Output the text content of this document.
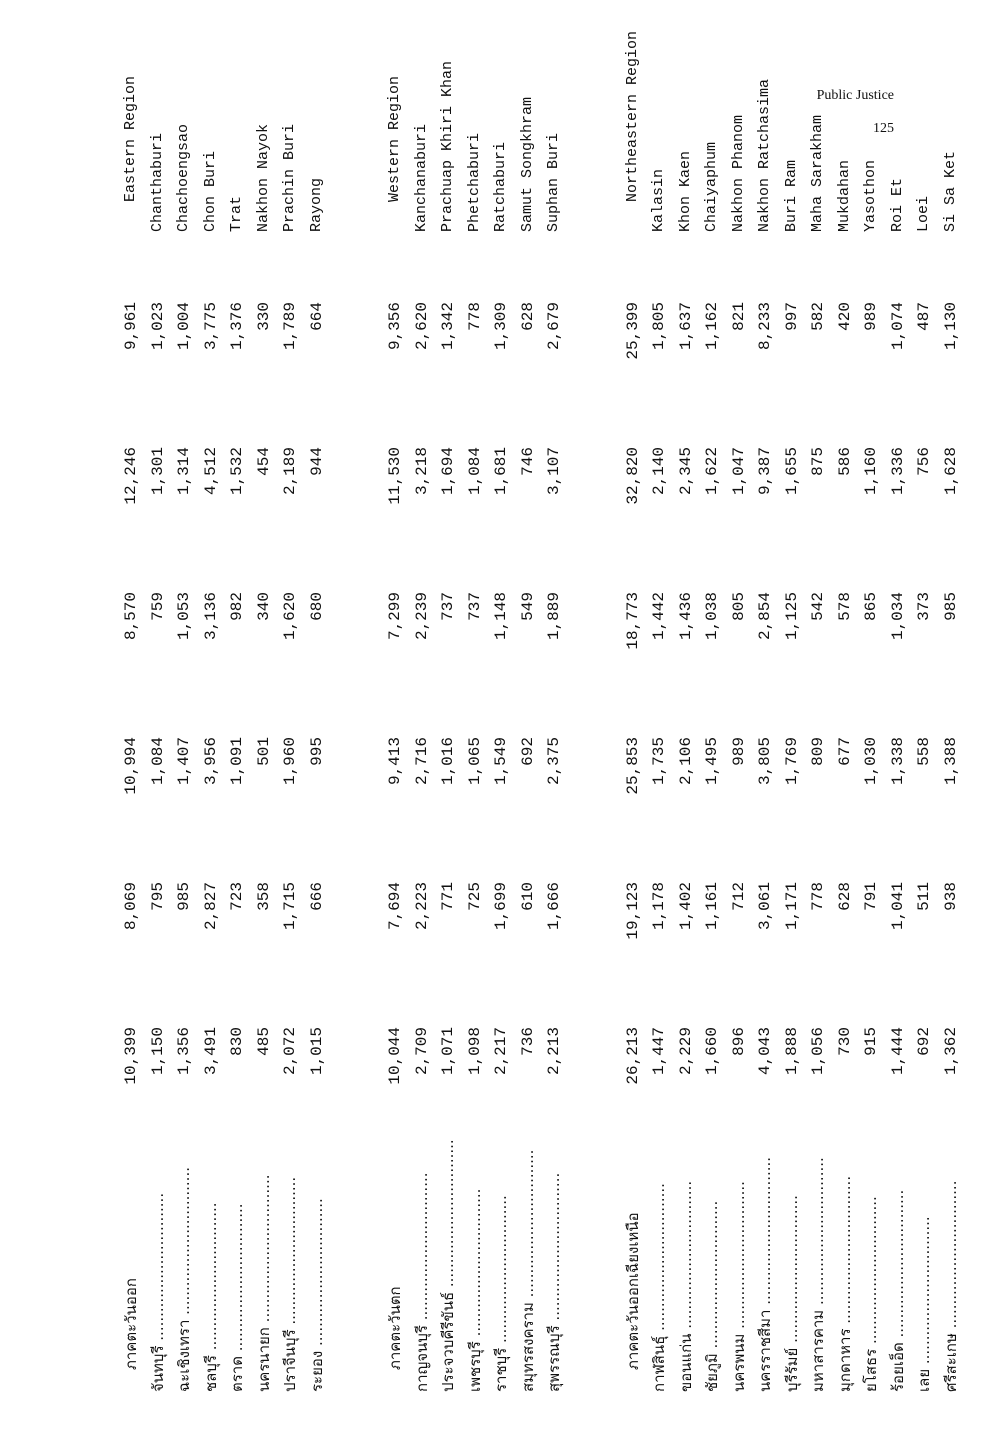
Public Justice
125
ภาคตะวันออก
10,399
8,069
10,994
8,570
12,246
9,961
Eastern Region
จันทบุรี ...............................
1,150
795
1,084
759
1,301
1,023
Chanthaburi
ฉะเชิงเทรา ...............................
1,356
985
1,407
1,053
1,314
1,004
Chachoengsao
ชลบุรี ...............................
3,491
2,827
3,956
3,136
4,512
3,775
Chon Buri
ตราด ...............................
830
723
1,091
982
1,532
1,376
Trat
นครนายก ...............................
485
358
501
340
454
330
Nakhon Nayok
ปราจีนบุรี ...............................
2,072
1,715
1,960
1,620
2,189
1,789
Prachin Buri
ระยอง ...............................
1,015
666
995
680
944
664
Rayong
ภาคตะวันตก
10,044
7,694
9,413
7,299
11,530
9,356
Western Region
กาญจนบุรี ...............................
2,709
2,223
2,716
2,239
3,218
2,620
Kanchanaburi
ประจวบคีรีขันธ์ ...............................
1,071
771
1,016
737
1,694
1,342
Prachuap Khiri Khan
เพชรบุรี ...............................
1,098
725
1,065
737
1,084
778
Phetchaburi
ราชบุรี ...............................
2,217
1,699
1,549
1,148
1,681
1,309
Ratchaburi
สมุทรสงคราม ...............................
736
610
692
549
746
628
Samut Songkhram
สุพรรณบุรี ...............................
2,213
1,666
2,375
1,889
3,107
2,679
Suphan Buri
ภาคตะวันออกเฉียงเหนือ
26,213
19,123
25,853
18,773
32,820
25,399
Northeastern Region
กาฬสินธุ์ ...............................
1,447
1,178
1,735
1,442
2,140
1,805
Kalasin
ขอนแก่น ...............................
2,229
1,402
2,106
1,436
2,345
1,637
Khon Kaen
ชัยภูมิ ...............................
1,660
1,161
1,495
1,038
1,622
1,162
Chaiyaphum
นครพนม ...............................
896
712
989
805
1,047
821
Nakhon Phanom
นครราชสีมา ...............................
4,043
3,061
3,805
2,854
9,387
8,233
Nakhon Ratchasima
บุรีรัมย์ ...............................
1,888
1,171
1,769
1,125
1,655
997
Buri Ram
มหาสารคาม ...............................
1,056
778
809
542
875
582
Maha Sarakham
มุกดาหาร ...............................
730
628
677
578
586
420
Mukdahan
ยโสธร ...............................
915
791
1,030
865
1,160
989
Yasothon
ร้อยเอ็ด ...............................
1,444
1,041
1,338
1,034
1,336
1,074
Roi Et
เลย ...............................
692
511
558
373
756
487
Loei
ศรีสะเกษ ...............................
1,362
938
1,388
985
1,628
1,130
Si Sa Ket
